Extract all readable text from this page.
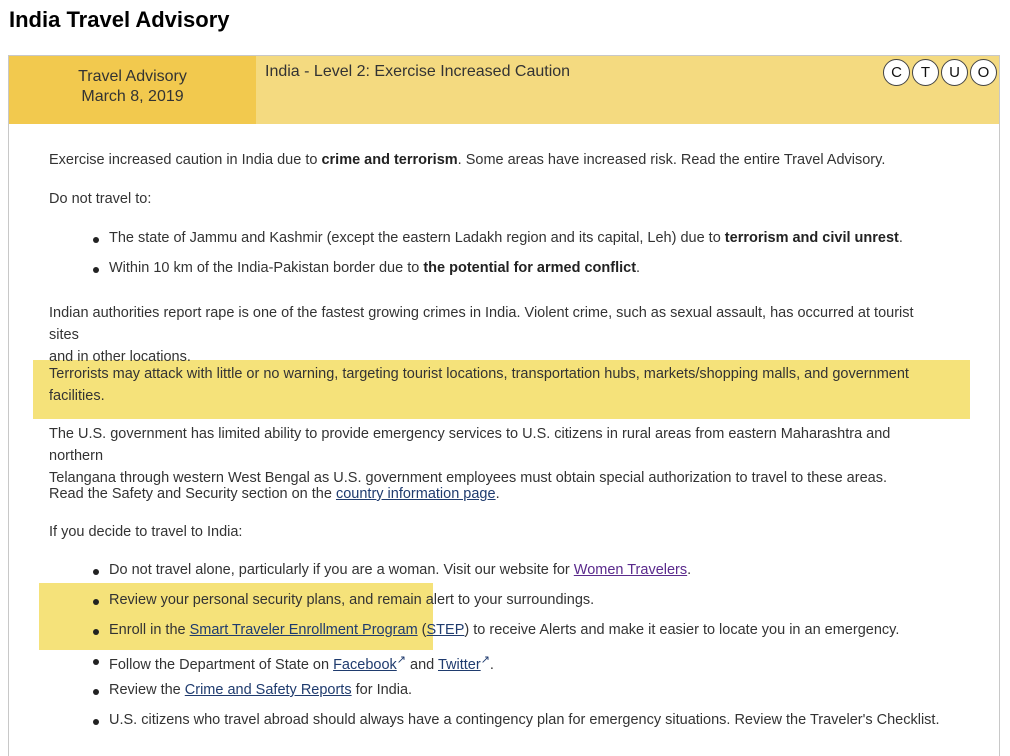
India Travel Advisory
Travel Advisory
March 8, 2019
India - Level 2: Exercise Increased Caution	C	T	U	O
Exercise increased caution in India due to crime and terrorism. Some areas have increased risk. Read the entire Travel Advisory.
Do not travel to:
The state of Jammu and Kashmir (except the eastern Ladakh region and its capital, Leh) due to terrorism and civil unrest.
Within 10 km of the India-Pakistan border due to the potential for armed conflict.
Indian authorities report rape is one of the fastest growing crimes in India. Violent crime, such as sexual assault, has occurred at tourist sites
and in other locations.
Terrorists may attack with little or no warning, targeting tourist locations, transportation hubs, markets/shopping malls, and government
facilities.
The U.S. government has limited ability to provide emergency services to U.S. citizens in rural areas from eastern Maharashtra and northern
Telangana through western West Bengal as U.S. government employees must obtain special authorization to travel to these areas.
Read the Safety and Security section on the country information page.
If you decide to travel to India:
Do not travel alone, particularly if you are a woman. Visit our website for Women Travelers.
Review your personal security plans, and remain alert to your surroundings.
Enroll in the Smart Traveler Enrollment Program (STEP) to receive Alerts and make it easier to locate you in an emergency.
Follow the Department of State on Facebook↗ and Twitter↗.
Review the Crime and Safety Reports for India.
U.S. citizens who travel abroad should always have a contingency plan for emergency situations. Review the Traveler's Checklist.
